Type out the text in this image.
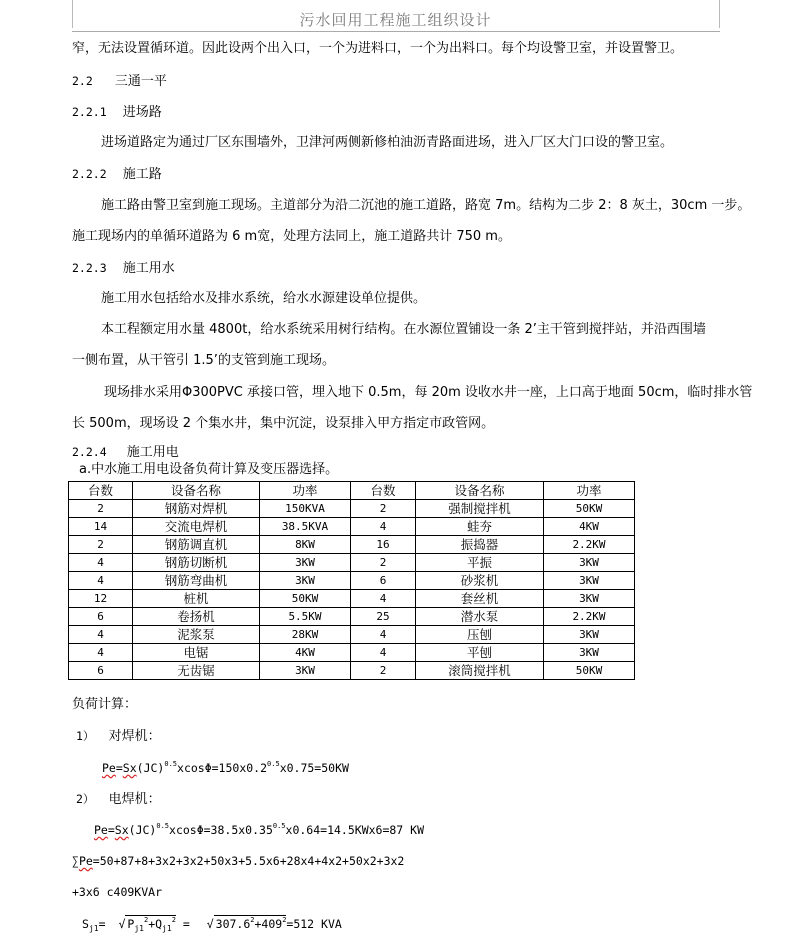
污水回用工程施工组织设计
窄，无法设置循环道。因此设两个出入口，一个为进料口，一个为出料口。每个均设警卫室，并设置警卫。
2.2 三通一平
2.2.1 进场路
进场道路定为通过厂区东围墙外，卫津河两侧新修柏油沥青路面进场，进入厂区大门口设的警卫室。
2.2.2 施工路
施工路由警卫室到施工现场。主道部分为沿二沉池的施工道路，路宽 7m。结构为二步 2：8 灰土，30cm 一步。
施工现场内的单循环道路为 6 m宽，处理方法同上，施工道路共计 750 m。
2.2.3 施工用水
施工用水包括给水及排水系统，给水水源建设单位提供。
本工程额定用水量 4800t，给水系统采用树行结构。在水源位置铺设一条 2’主干管到搅拌站，并沿西围墙
一侧布置，从干管引 1.5’的支管到施工现场。
现场排水采用Φ300PVC 承接口管，埋入地下 0.5m，每 20m 设收水井一座，上口高于地面 50cm，临时排水管
长 500m，现场设 2 个集水井，集中沉淀，设泵排入甲方指定市政管网。
2.2.4 施工用电
a.中水施工用电设备负荷计算及变压器选择。
台数	设备名称	功率	台数	设备名称	功率
2	钢筋对焊机	150KVA	2	强制搅拌机	50KW
14	交流电焊机	38.5KVA	4	蛙夯	4KW
2	钢筋调直机	8KW	16	振捣器	2.2KW
4	钢筋切断机	3KW	2	平振	3KW
4	钢筋弯曲机	3KW	6	砂浆机	3KW
12	桩机	50KW	4	套丝机	3KW
6	卷扬机	5.5KW	25	潜水泵	2.2KW
4	泥浆泵	28KW	4	压刨	3KW
4	电锯	4KW	4	平刨	3KW
6	无齿锯	3KW	2	滚筒搅拌机	50KW
负荷计算：
1） 对焊机：
$Pe=Sx(JC)^{0.5}xcos\Phi=150x0.2^{0.5}x0.75=50KW$
2） 电焊机：
$Pe=Sx(JC)^{0.5}xcos\Phi=38.5x0.35^{0.5}x0.64=14.5KWx6=87$ KW
∑Pe=50+87+8+3x2+3x2+50x3+5.5x6+28x4+4x2+50x2+3x2
+3x6 c409KVAr
$S_{j1}=$ √ $P_{j1}^2+Q_{j1}^2$ = √ $307.6^2+409^2=512$ KVA
